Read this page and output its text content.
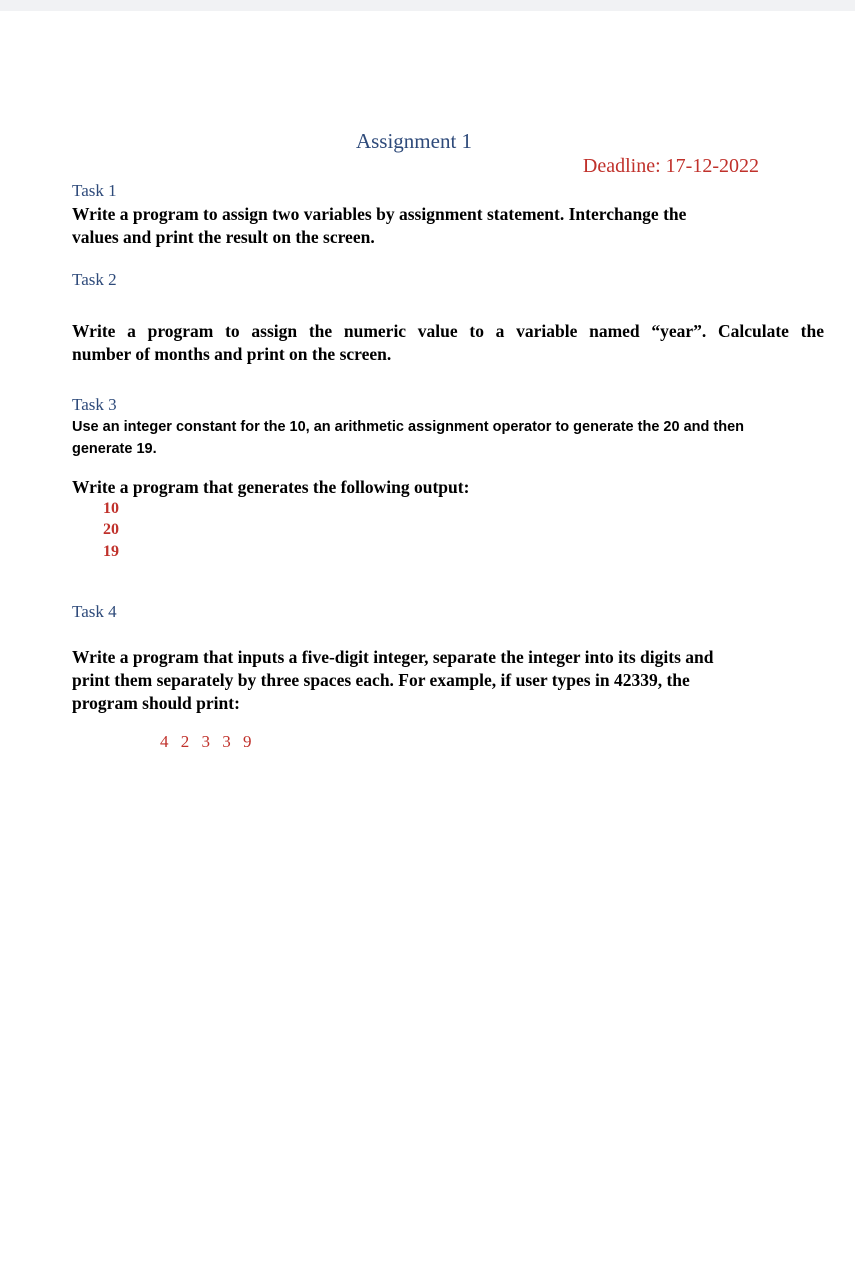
Assignment 1

Deadline: 17-12-2022

Task 1

Write a program to assign two variables by assignment statement. Interchange the
values and print the result on the screen.

Task 2

Write a program to assign the numeric value to a variable named “year”. Calculate the
number of months and print on the screen.

Task 3

Use an integer constant for the 10, an arithmetic assignment operator to generate the 20 and then

generate 19.

Write a program that generates the following output:

10

20

19

Task 4

Write a program that inputs a five-digit integer, separate the integer into its digits and
print them separately by three spaces each. For example, if user types in 42339, the
program should print:

4 2 3 3 9
